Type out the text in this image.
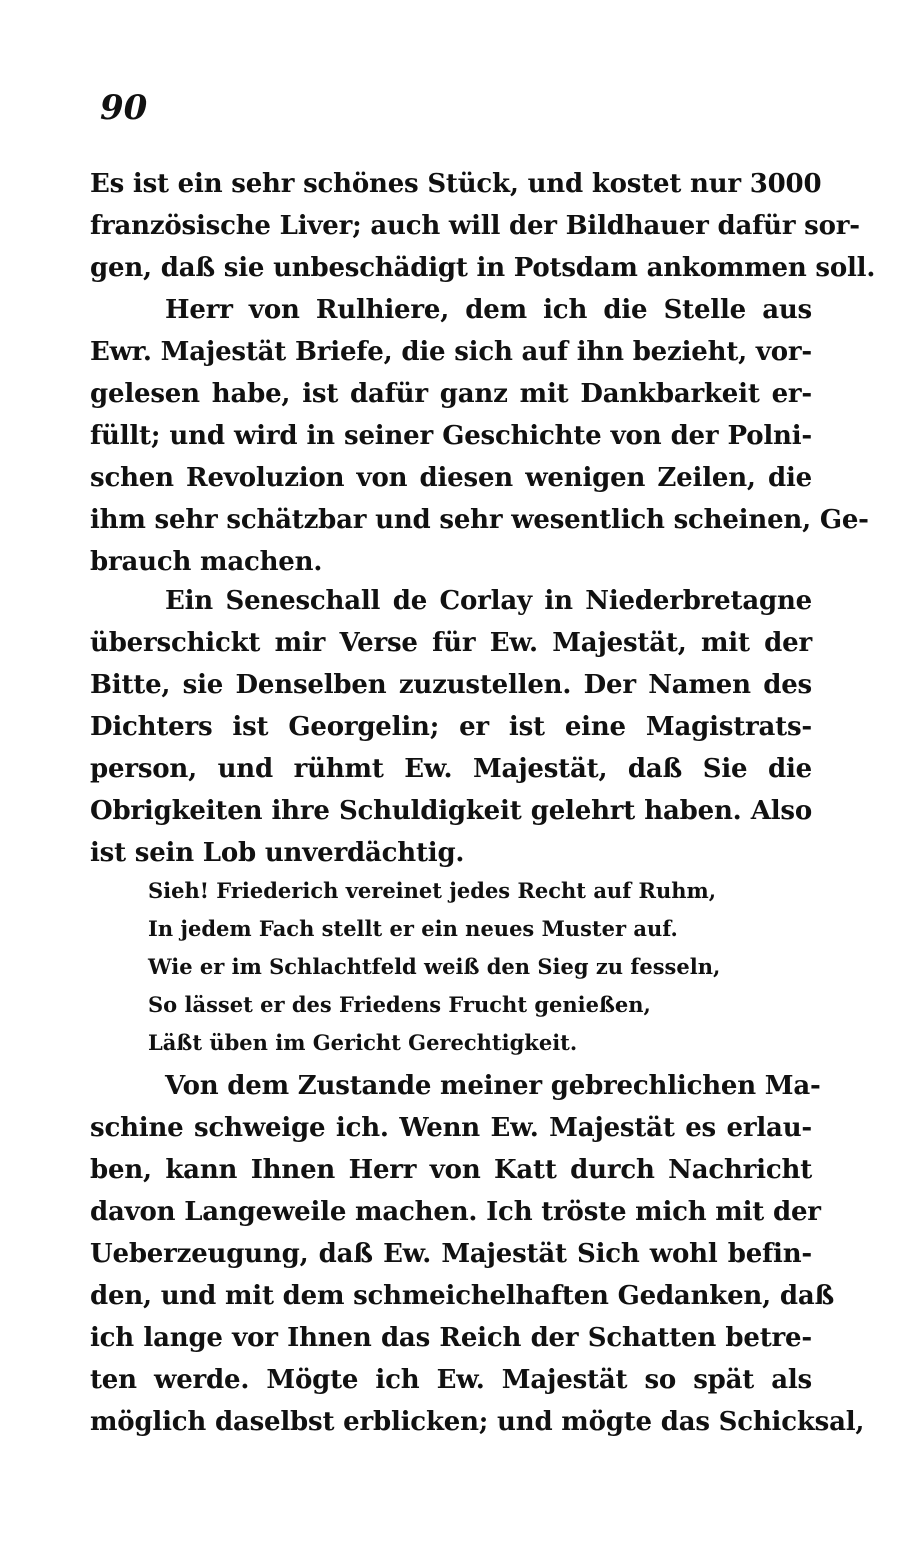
90
Es ist ein sehr schönes Stück, und kostet nur 3000
französische Liver; auch will der Bildhauer dafür sor-
gen, daß sie unbeschädigt in Potsdam ankommen soll.
Herr von Rulhiere, dem ich die Stelle aus
Ewr. Majestät Briefe, die sich auf ihn bezieht, vor-
gelesen habe, ist dafür ganz mit Dankbarkeit er-
füllt; und wird in seiner Geschichte von der Polni-
schen Revoluzion von diesen wenigen Zeilen, die
ihm sehr schätzbar und sehr wesentlich scheinen, Ge-
brauch machen.
Ein Seneschall de Corlay in Niederbretagne
überschickt mir Verse für Ew. Majestät, mit der
Bitte, sie Denselben zuzustellen. Der Namen des
Dichters ist Georgelin; er ist eine Magistrats-
person, und rühmt Ew. Majestät, daß Sie die
Obrigkeiten ihre Schuldigkeit gelehrt haben. Also
ist sein Lob unverdächtig.
Sieh! Friederich vereinet jedes Recht auf Ruhm,
In jedem Fach stellt er ein neues Muster auf.
Wie er im Schlachtfeld weiß den Sieg zu fesseln,
So lässet er des Friedens Frucht genießen,
Läßt üben im Gericht Gerechtigkeit.
Von dem Zustande meiner gebrechlichen Ma-
schine schweige ich. Wenn Ew. Majestät es erlau-
ben, kann Ihnen Herr von Katt durch Nachricht
davon Langeweile machen. Ich tröste mich mit der
Ueberzeugung, daß Ew. Majestät Sich wohl befin-
den, und mit dem schmeichelhaften Gedanken, daß
ich lange vor Ihnen das Reich der Schatten betre-
ten werde. Mögte ich Ew. Majestät so spät als
möglich daselbst erblicken; und mögte das Schicksal,
